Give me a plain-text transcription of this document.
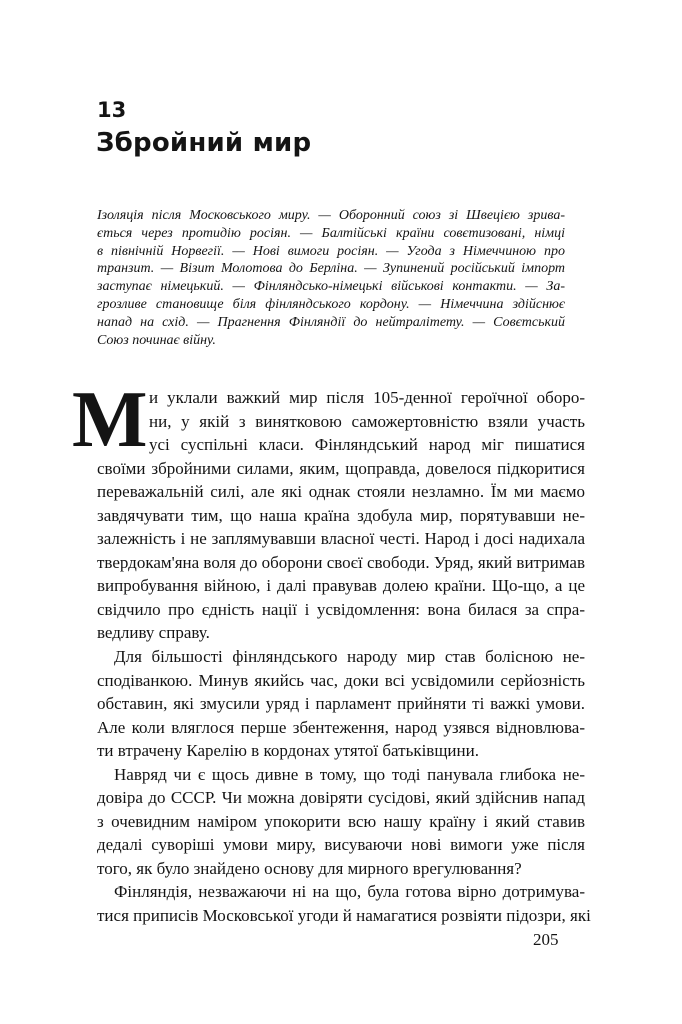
13
Збройний мир
Ізоляція після Московського миру. — Оборонний союз зі Швецією зрива-
ється через протидію росіян. — Балтійські країни совєтизовані, німці
в північній Норвегії. — Нові вимоги росіян. — Угода з Німеччиною про
транзит. — Візит Молотова до Берліна. — Зупинений російський імпорт
заступає німецький. — Фінляндсько-німецькі військові контакти. — За-
грозливе становище біля фінляндського кордону. — Німеччина здійснює
напад на схід. — Прагнення Фінляндії до нейтралітету. — Совєтський
Союз починає війну.
М и уклали важкий мир після 105-денної героїчної оборо-
ни, у якій з винятковою саможертовністю взяли участь
усі суспільні класи. Фінляндський народ міг пишатися
своїми збройними силами, яким, щоправда, довелося підкоритися
переважальній силі, але які однак стояли незламно. Їм ми маємо
завдячувати тим, що наша країна здобула мир, порятувавши не-
залежність і не заплямувавши власної честі. Народ і досі надихала
твердокам'яна воля до оборони своєї свободи. Уряд, який витримав
випробування війною, і далі правував долею країни. Що-що, а це
свідчило про єдність нації і усвідомлення: вона билася за спра-
ведливу справу.
Для більшості фінляндського народу мир став болісною не-
сподіванкою. Минув якийсь час, доки всі усвідомили серйозність
обставин, які змусили уряд і парламент прийняти ті важкі умови.
Але коли вляглося перше збентеження, народ узявся відновлюва-
ти втрачену Карелію в кордонах утятої батьківщини.
Навряд чи є щось дивне в тому, що тоді панувала глибока не-
довіра до СССР. Чи можна довіряти сусідові, який здійснив напад
з очевидним наміром упокорити всю нашу країну і який ставив
дедалі суворіші умови миру, висуваючи нові вимоги уже після
того, як було знайдено основу для мирного врегулювання?
Фінляндія, незважаючи ні на що, була готова вірно дотримува-
тися приписів Московської угоди й намагатися розвіяти підозри, які
205
